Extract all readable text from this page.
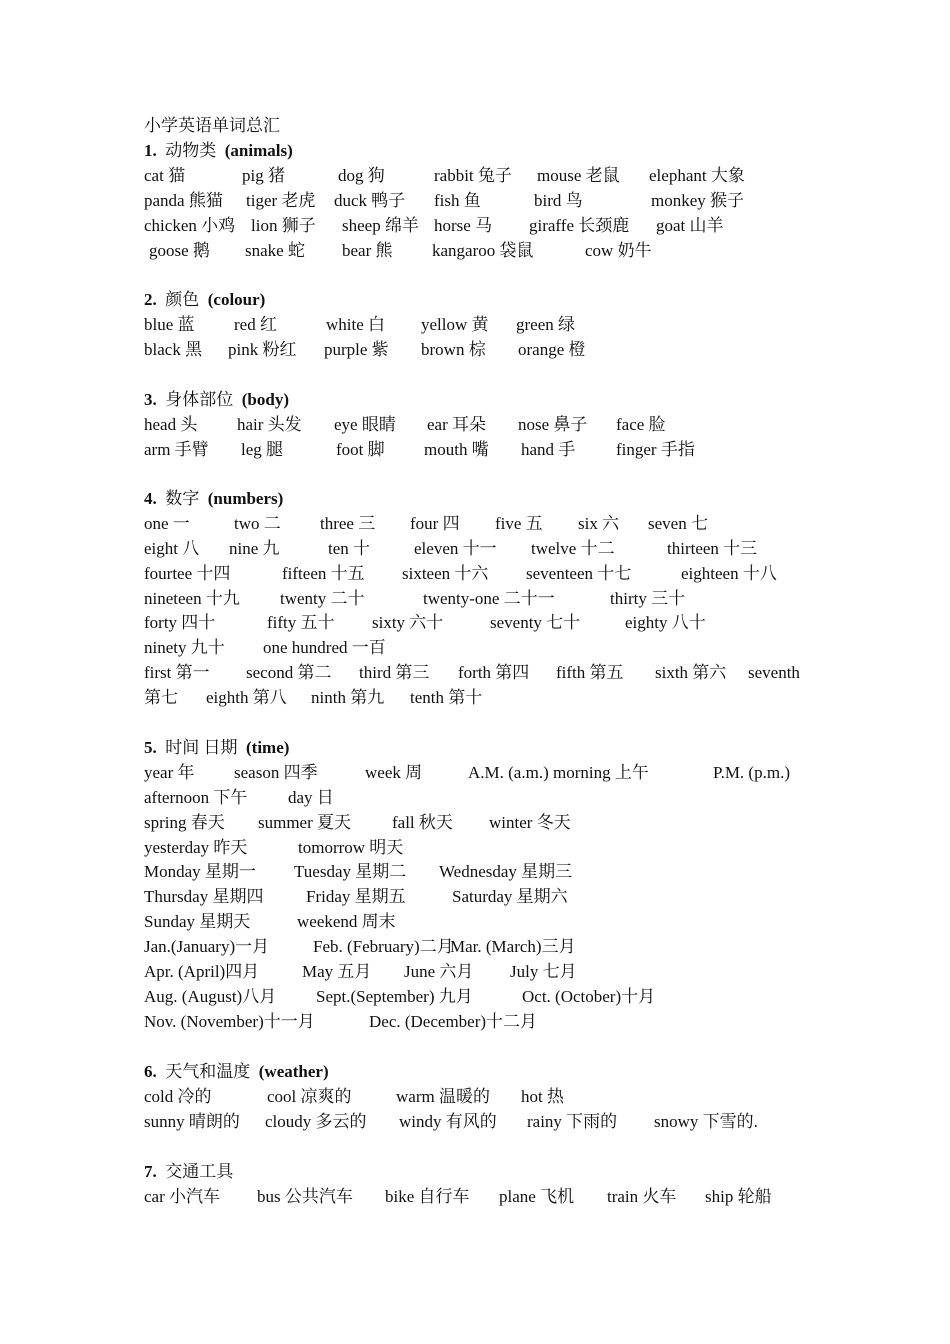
小学英语单词总汇
1. 动物类 (animals)
cat 猫	pig 猪	dog 狗	rabbit 兔子 mouse 老鼠 elephant 大象
panda 熊猫 tiger 老虎 duck 鸭子 fish 鱼	bird 鸟	monkey 猴子
chicken 小鸡 lion 狮子 sheep 绵羊 horse 马 giraffe 长颈鹿 goat 山羊
goose 鹅 snake 蛇 bear 熊 kangaroo 袋鼠	cow 奶牛
2. 颜色 (colour)
blue 蓝 red 红	white 白 yellow 黄 green 绿
black 黑 pink 粉红 purple 紫 brown 棕 orange 橙
3. 身体部位 (body)
head 头 hair 头发 eye 眼睛 ear 耳朵 nose 鼻子 face 脸
arm 手臂 leg 腿	foot 脚 mouth 嘴 hand 手 finger 手指
4. 数字 (numbers)
one 一	two 二 three 三 four 四 five 五 six 六 seven 七
eight 八 nine 九	ten 十	eleven 十一 twelve 十二	thirteen 十三
fourtee 十四	fifteen 十五 sixteen 十六 seventeen 十七	eighteen 十八
nineteen 十九 twenty 二十	twenty-one 二十一	thirty 三十
forty 四十	fifty 五十 sixty 六十	seventy 七十	eighty 八十
ninety 九十 one hundred 一百
first 第一 second 第二 third 第三 forth 第四 fifth 第五 sixth 第六 seventh
第七 eighth 第八 ninth 第九 tenth 第十
5. 时间 日期 (time)
year 年 season 四季	week 周	A.M. (a.m.) morning 上午	P.M. (p.m.)
afternoon 下午 day 日
spring 春天 summer 夏天 fall 秋天 winter 冬天
yesterday 昨天	tomorrow 明天
Monday 星期一 Tuesday 星期二 Wednesday 星期三
Thursday 星期四	Friday 星期五	Saturday 星期六
Sunday 星期天	weekend 周末
Jan.(January)一月	Feb. (February)二月
Mar. (March)三月
Apr. (April)四月	May 五月 June 六月 July 七月
Aug. (August)八月 Sept.(September) 九月	Oct. (October)十月
Nov. (November)十一月	Dec. (December)十二月
6. 天气和温度 (weather)
cold 冷的	cool 凉爽的	warm 温暖的 hot 热
sunny 晴朗的 cloudy 多云的 windy 有风的 rainy 下雨的 snowy 下雪的.
7. 交通工具
car 小汽车 bus 公共汽车 bike 自行车 plane 飞机 train 火车 ship 轮船
